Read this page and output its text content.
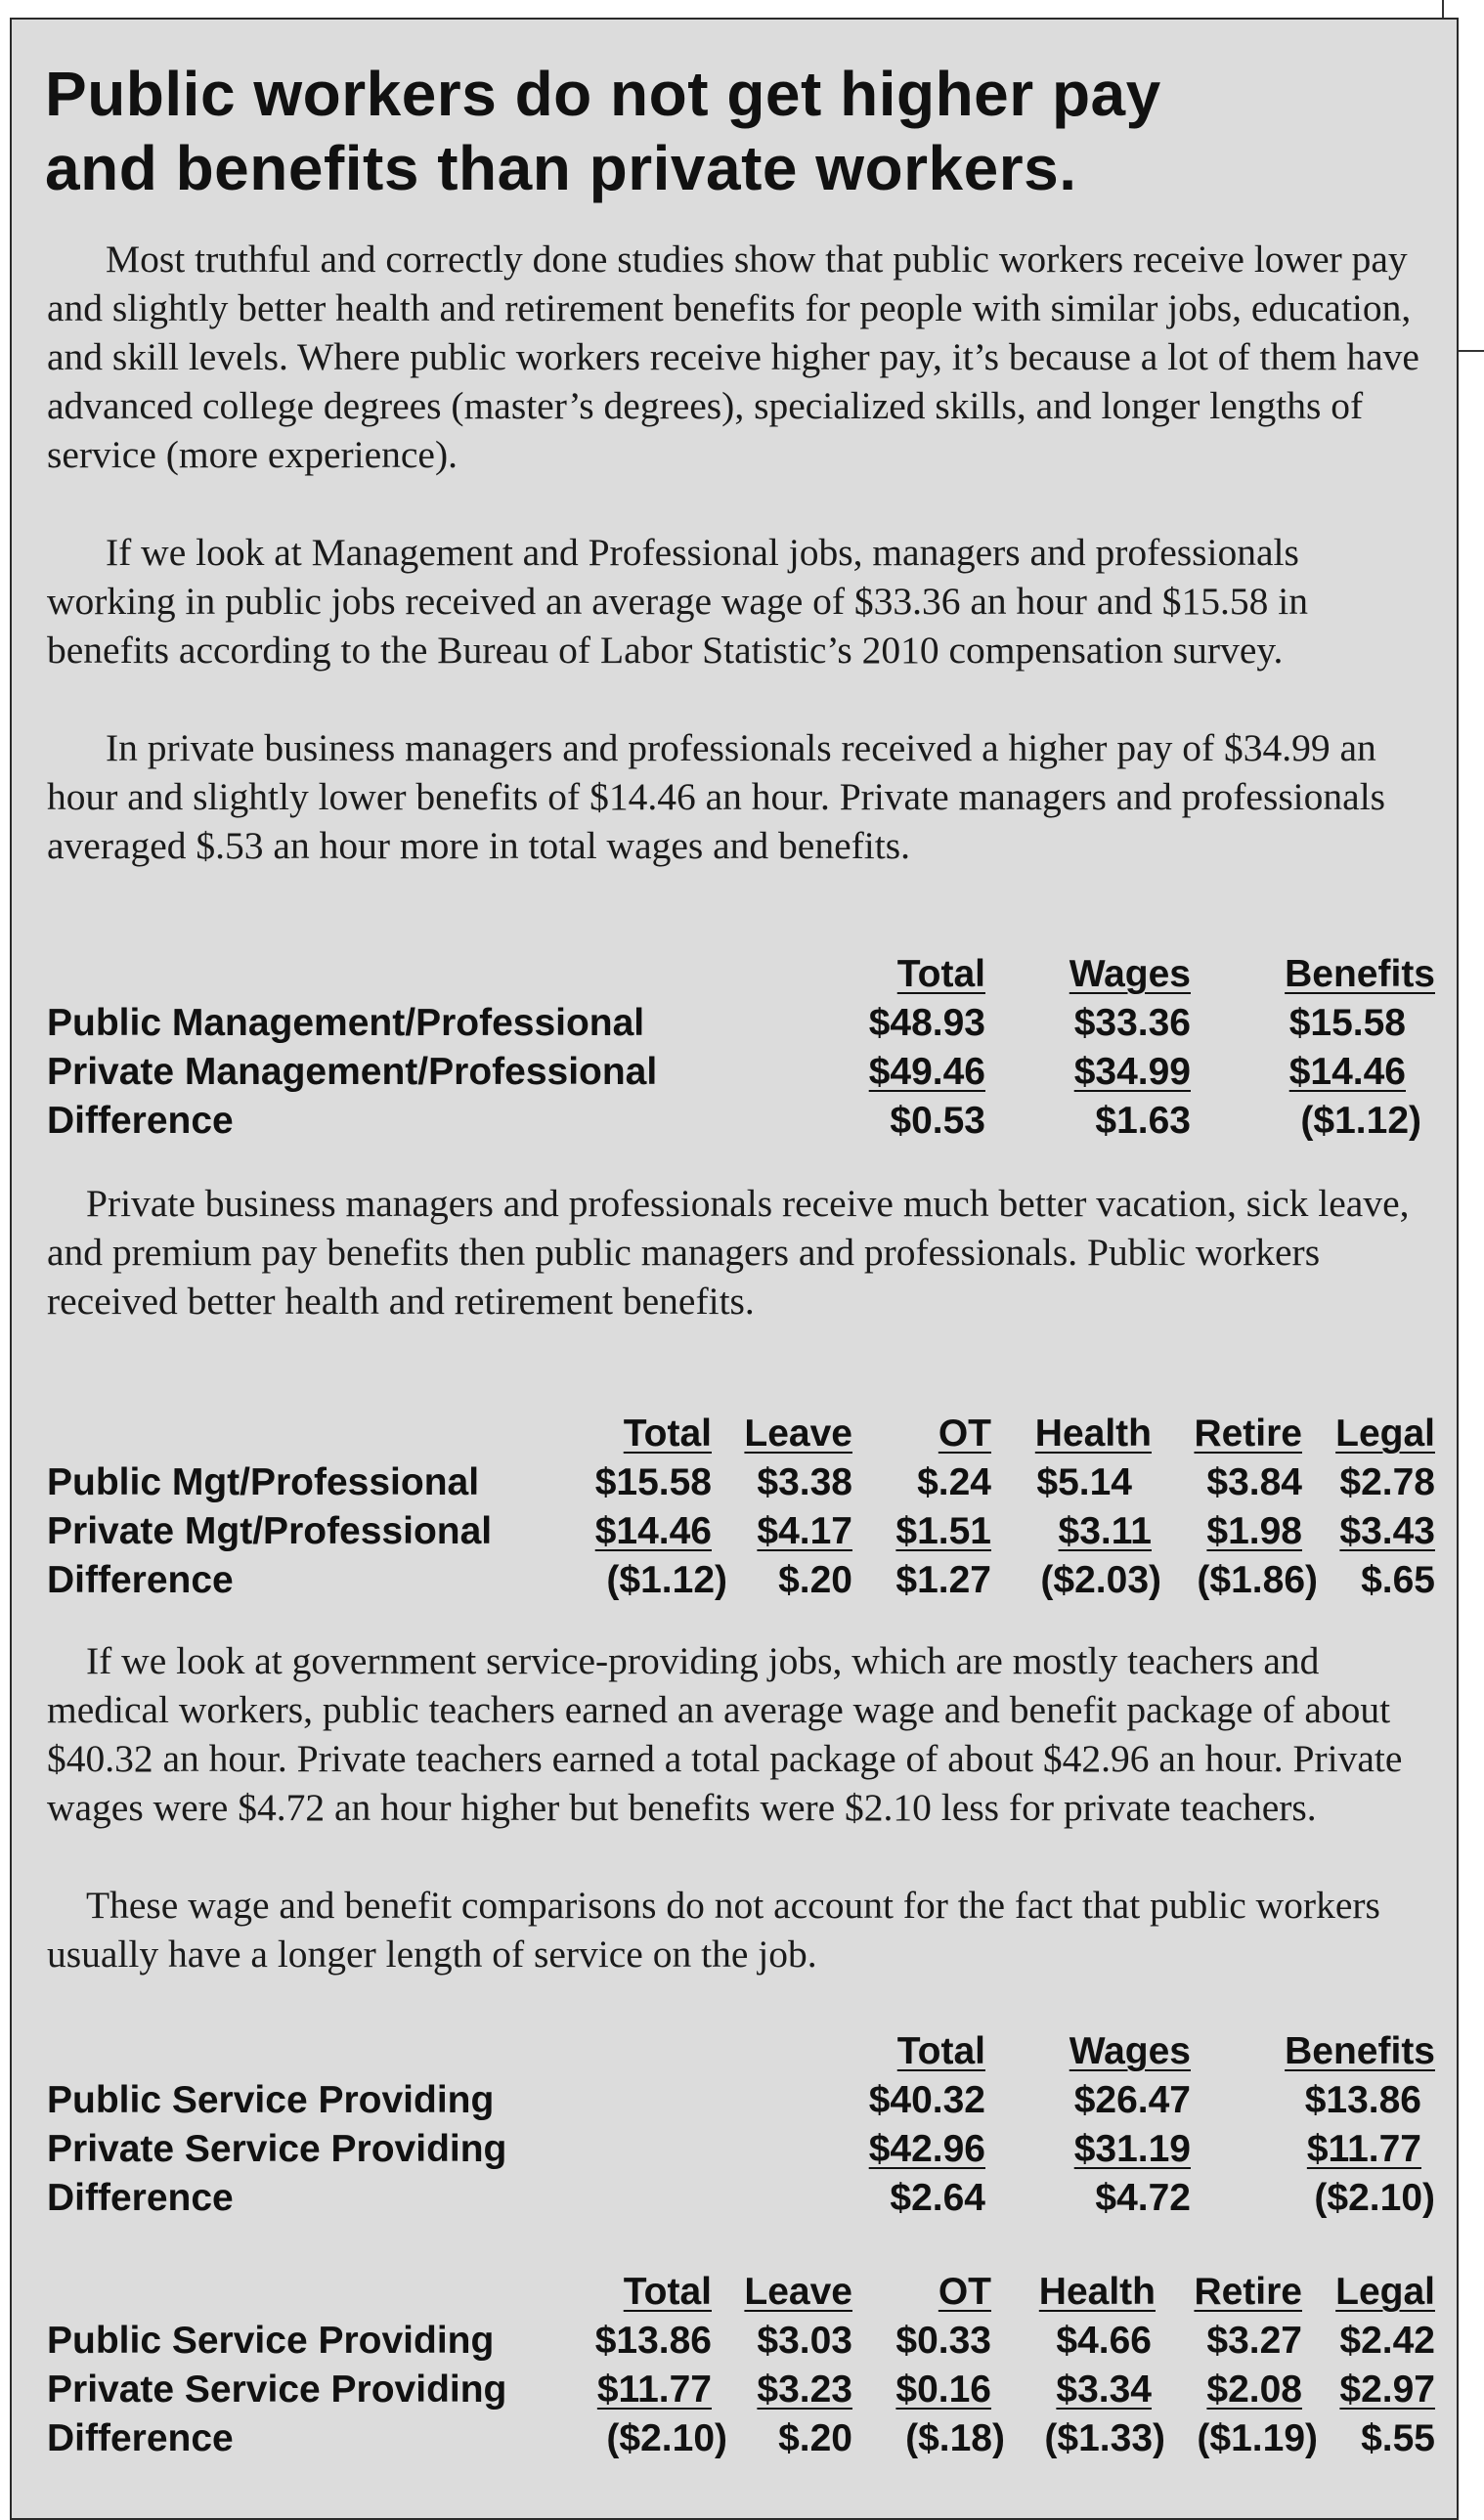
Public workers do not get higher pay
and benefits than private workers.

Most truthful and correctly done studies show that public workers receive lower pay and slightly better health and retirement benefits for people with similar jobs, education, and skill levels. Where public workers receive higher pay, it’s because a lot of them have advanced college degrees (master’s degrees), specialized skills, and longer lengths of service (more experience).

If we look at Management and Professional jobs, managers and professionals working in public jobs received an average wage of $33.36 an hour and $15.58 in benefits according to the Bureau of Labor Statistic’s 2010 compensation survey.

In private business managers and professionals received a higher pay of $34.99 an hour and slightly lower benefits of $14.46 an hour. Private managers and professionals averaged $.53 an hour more in total wages and benefits.

Total Wages Benefits
Public Management/Professional	$48.93 $33.36	$15.58
Private Management/Professional	$49.46 $34.99	$14.46
Difference	$0.53	$1.63	($1.12)

Private business managers and professionals receive much better vacation, sick leave, and premium pay benefits then public managers and professionals. Public workers received better health and retirement benefits.

Total Leave OT Health Retire Legal
Public Mgt/Professional	$15.58 $3.38 $.24 $5.14 $3.84 $2.78
Private Mgt/Professional	$14.46 $4.17 $1.51 $3.11 $1.98 $3.43
Difference	($1.12) $.20 $1.27 ($2.03) ($1.86) $.65

If we look at government service-providing jobs, which are mostly teachers and medical workers, public teachers earned an average wage and benefit package of about $40.32 an hour. Private teachers earned a total package of about $42.96 an hour. Private wages were $4.72 an hour higher but benefits were $2.10 less for private teachers.

These wage and benefit comparisons do not account for the fact that public workers usually have a longer length of service on the job.

Total Wages Benefits
Public Service Providing	$40.32 $26.47	$13.86
Private Service Providing	$42.96 $31.19	$11.77
Difference	$2.64	$4.72	($2.10)
Total Leave OT Health Retire Legal
Public Service Providing	$13.86 $3.03 $0.33 $4.66 $3.27 $2.42
Private Service Providing $11.77 $3.23 $0.16 $3.34 $2.08 $2.97
Difference	($2.10) $.20 ($.18) ($1.33) ($1.19) $.55
